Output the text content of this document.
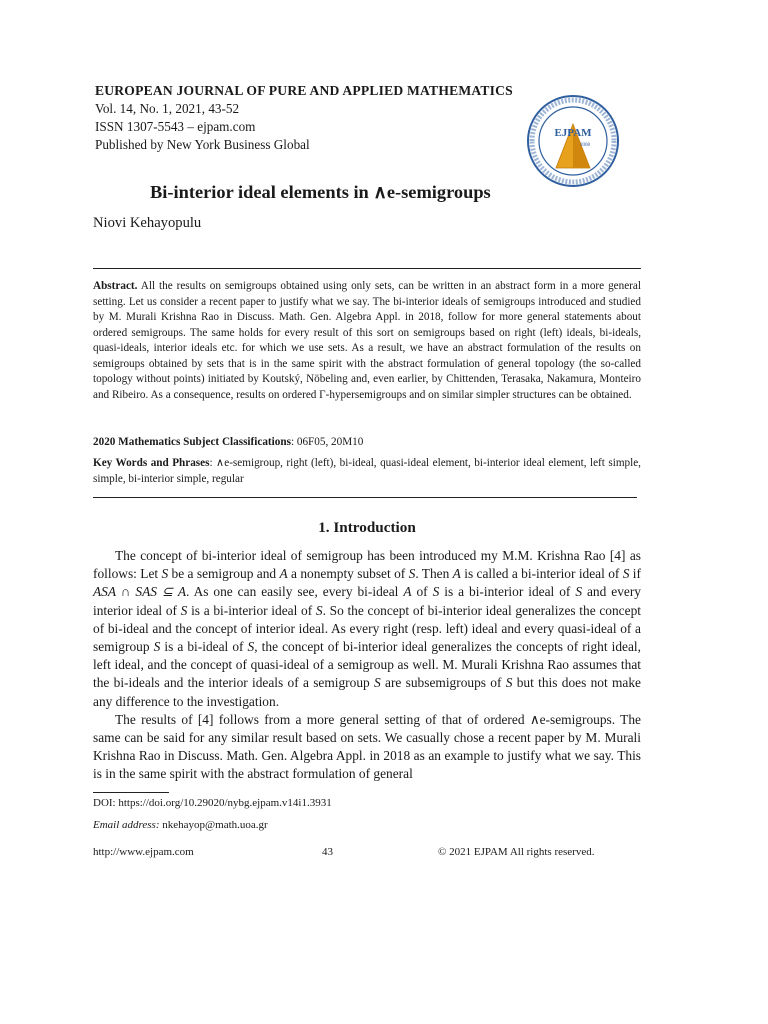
EUROPEAN JOURNAL OF PURE AND APPLIED MATHEMATICS
Vol. 14, No. 1, 2021, 43-52
ISSN 1307-5543 – ejpam.com
Published by New York Business Global
EJPAM
2008
Bi-interior ideal elements in ∧e-semigroups
Niovi Kehayopulu
Abstract. All the results on semigroups obtained using only sets, can be written in an abstract form in a more general setting. Let us consider a recent paper to justify what we say. The bi-interior ideals of semigroups introduced and studied by M. Murali Krishna Rao in Discuss. Math. Gen. Algebra Appl. in 2018, follow for more general statements about ordered semigroups. The same holds for every result of this sort on semigroups based on right (left) ideals, bi-ideals, quasi-ideals, interior ideals etc. for which we use sets. As a result, we have an abstract formulation of the results on semigroups obtained by sets that is in the same spirit with the abstract formulation of general topology (the so-called topology without points) initiated by Koutský, Nöbeling and, even earlier, by Chittenden, Terasaka, Nakamura, Monteiro and Ribeiro. As a consequence, results on ordered Γ-hypersemigroups and on similar simpler structures can be obtained.
2020 Mathematics Subject Classifications: 06F05, 20M10
Key Words and Phrases: ∧e-semigroup, right (left), bi-ideal, quasi-ideal element, bi-interior ideal element, left simple, simple, bi-interior simple, regular
1. Introduction

The concept of bi-interior ideal of semigroup has been introduced my M.M. Krishna Rao [4] as follows: Let S be a semigroup and A a nonempty subset of S. Then A is called a bi-interior ideal of S if ASA ∩ SAS ⊆ A. As one can easily see, every bi-ideal A of S is a bi-interior ideal of S and every interior ideal of S is a bi-interior ideal of S. So the concept of bi-interior ideal generalizes the concept of bi-ideal and the concept of interior ideal. As every right (resp. left) ideal and every quasi-ideal of a semigroup S is a bi-ideal of S, the concept of bi-interior ideal generalizes the concepts of right ideal, left ideal, and the concept of quasi-ideal of a semigroup as well. M. Murali Krishna Rao assumes that the bi-ideals and the interior ideals of a semigroup S are subsemigroups of S but this does not make any difference to the investigation.

The results of [4] follows from a more general setting of that of ordered ∧e-semigroups. The same can be said for any similar result based on sets. We casually chose a recent paper by M. Murali Krishna Rao in Discuss. Math. Gen. Algebra Appl. in 2018 as an example to justify what we say. This is in the same spirit with the abstract formulation of general

DOI: https://doi.org/10.29020/nybg.ejpam.v14i1.3931
Email address: nkehayop@math.uoa.gr
http://www.ejpam.com	43	© 2021 EJPAM All rights reserved.
